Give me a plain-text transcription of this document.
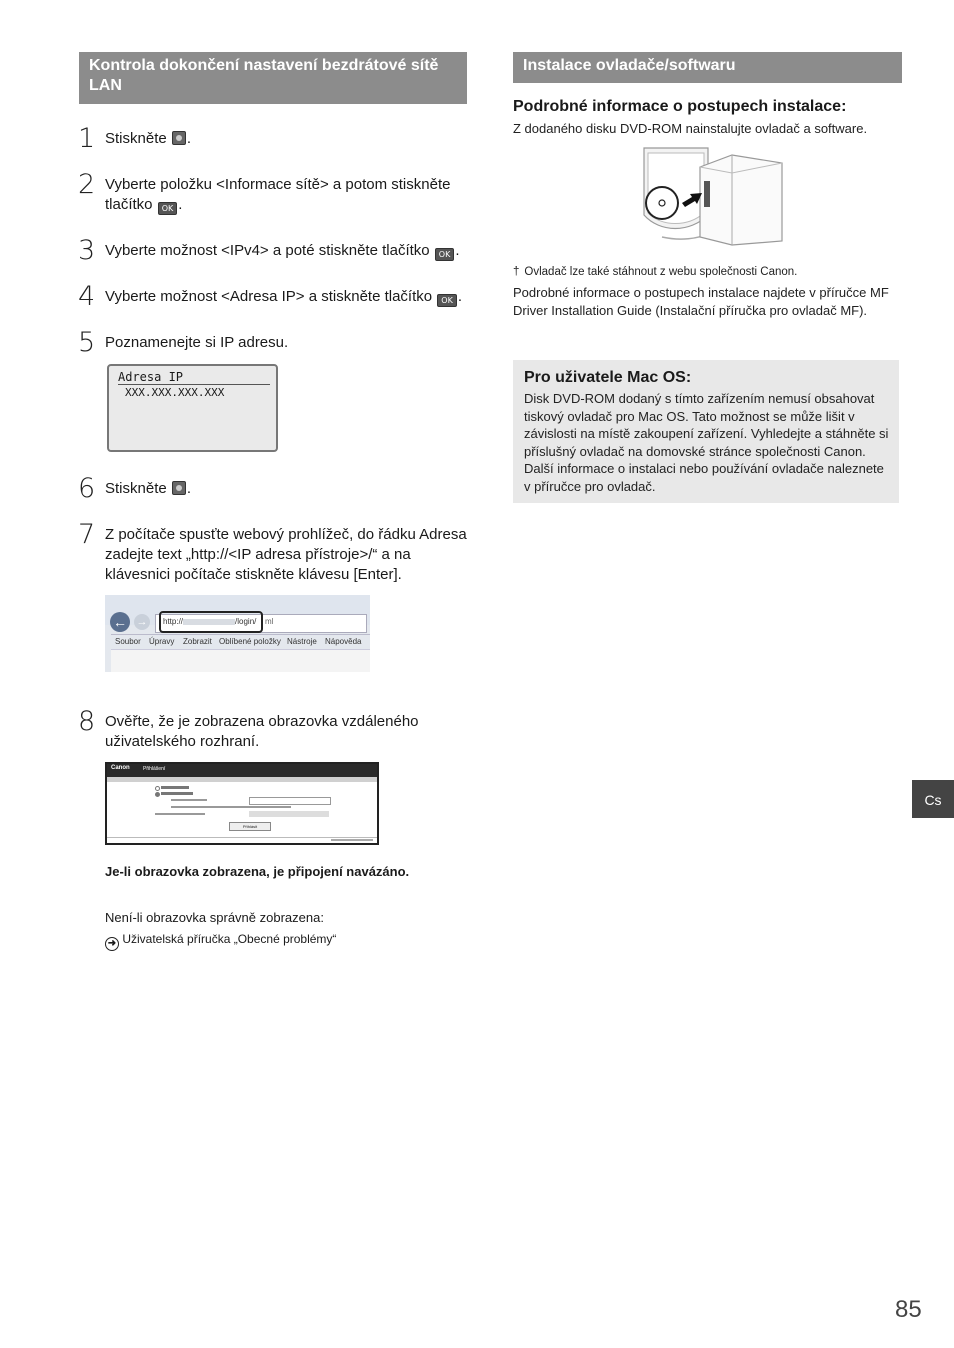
Kontrola dokončení nastavení bezdrátové sítě LAN
1 Stiskněte .
2 Vyberte položku <Informace sítě> a potom stiskněte tlačítko OK .
3 Vyberte možnost <IPv4> a poté stiskněte tlačítko OK .
4 Vyberte možnost <Adresa IP> a stiskněte tlačítko OK .
5 Poznamenejte si IP adresu.
Adresa IP
XXX.XXX.XXX.XXX
6 Stiskněte .
7 Z počítače spusťte webový prohlížeč, do řádku Adresa zadejte text „http://<IP adresa přístroje>/“ a na klávesnici počítače stiskněte klávesu [Enter].
← →	http://	/login/ ml
Soubor Úpravy Zobrazit Oblíbené položky Nástroje Nápověda
8 Ověřte, že je zobrazena obrazovka vzdáleného uživatelského rozhraní.
Canon	Přihlášení
Přihlásit
Je-li obrazovka zobrazena, je připojení navázáno.
Není-li obrazovka správně zobrazena:
➜ Uživatelská příručka „Obecné problémy“
Instalace ovladače/softwaru
Podrobné informace o postupech instalace:
Z dodaného disku DVD-ROM nainstalujte ovladač a software.
† Ovladač lze také stáhnout z webu společnosti Canon.
Podrobné informace o postupech instalace najdete v příručce MF Driver Installation Guide (Instalační příručka pro ovladač MF).
Pro uživatele Mac OS:
Disk DVD-ROM dodaný s tímto zařízením nemusí obsahovat tiskový ovladač pro Mac OS. Tato možnost se může lišit v závislosti na místě zakoupení zařízení. Vyhledejte a stáhněte si příslušný ovladač na domovské stránce společnosti Canon. Další informace o instalaci nebo používání ovladače naleznete v příručce pro ovladač.
Cs
85
